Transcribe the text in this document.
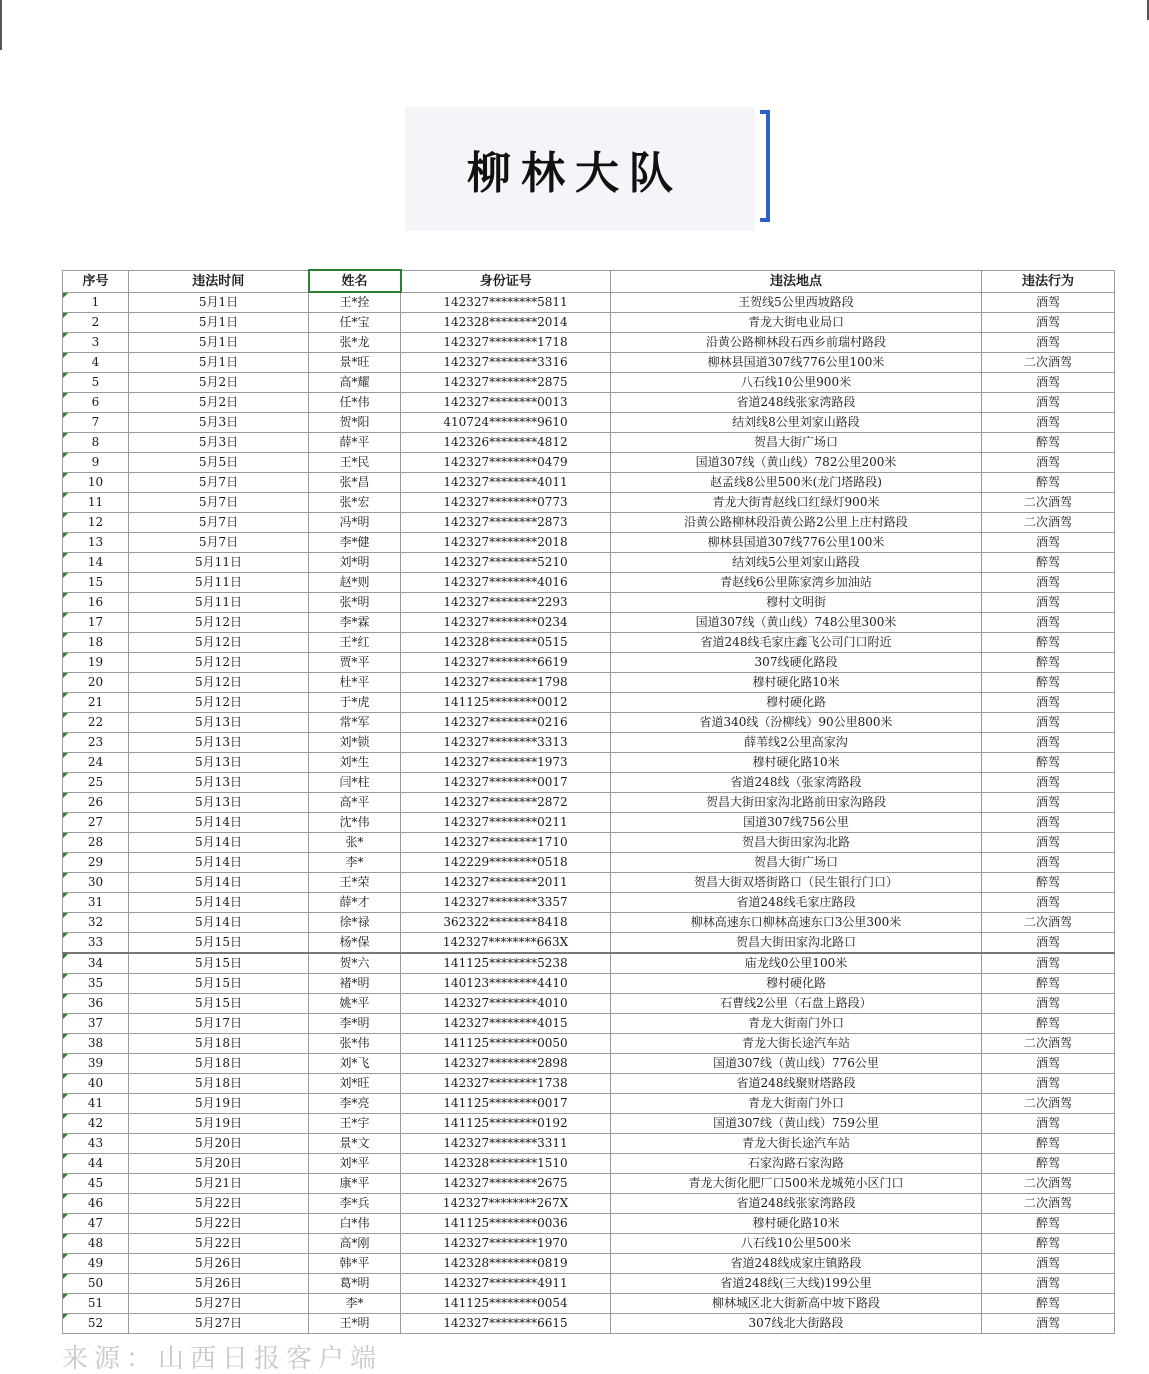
柳林大队
序号	违法时间	姓名	身份证号	违法地点	违法行为
1	5月1日	王*拴	142327********5811	王贺线5公里西坡路段	酒驾
2	5月1日	任*宝	142328********2014	青龙大街电业局口	酒驾
3	5月1日	张*龙	142327********1718	沿黄公路柳林段石西乡前瑞村路段	酒驾
4	5月1日	景*旺	142327********3316	柳林县国道307线776公里100米	二次酒驾
5	5月2日	高*耀	142327********2875	八石线10公里900米	酒驾
6	5月2日	任*伟	142327********0013	省道248线张家湾路段	酒驾
7	5月3日	贺*阳	410724********9610	结刘线8公里刘家山路段	酒驾
8	5月3日	薛*平	142326********4812	贺昌大街广场口	醉驾
9	5月5日	王*民	142327********0479	国道307线（黄山线）782公里200米	酒驾
10	5月7日	张*昌	142327********4011	赵孟线8公里500米(龙门塔路段)	醉驾
11	5月7日	张*宏	142327********0773	青龙大街青赵线口红绿灯900米	二次酒驾
12	5月7日	冯*明	142327********2873	沿黄公路柳林段沿黄公路2公里上庄村路段	二次酒驾
13	5月7日	李*健	142327********2018	柳林县国道307线776公里100米	酒驾
14	5月11日	刘*明	142327********5210	结刘线5公里刘家山路段	醉驾
15	5月11日	赵*则	142327********4016	青赵线6公里陈家湾乡加油站	酒驾
16	5月11日	张*明	142327********2293	穆村文明街	酒驾
17	5月12日	李*霖	142327********0234	国道307线（黄山线）748公里300米	酒驾
18	5月12日	王*红	142328********0515	省道248线毛家庄鑫飞公司门口附近	醉驾
19	5月12日	贾*平	142327********6619	307线硬化路段	醉驾
20	5月12日	杜*平	142327********1798	穆村硬化路10米	醉驾
21	5月12日	于*虎	141125********0012	穆村硬化路	酒驾
22	5月13日	常*军	142327********0216	省道340线（汾柳线）90公里800米	酒驾
23	5月13日	刘*锁	142327********3313	薛苇线2公里高家沟	酒驾
24	5月13日	刘*生	142327********1973	穆村硬化路10米	醉驾
25	5月13日	闫*柱	142327********0017	省道248线（张家湾路段	酒驾
26	5月13日	高*平	142327********2872	贺昌大街田家沟北路前田家沟路段	酒驾
27	5月14日	沈*伟	142327********0211	国道307线756公里	酒驾
28	5月14日	张*	142327********1710	贺昌大街田家沟北路	酒驾
29	5月14日	李*	142229********0518	贺昌大街广场口	酒驾
30	5月14日	王*荣	142327********2011	贺昌大街双塔街路口（民生银行门口）	醉驾
31	5月14日	薛*才	142327********3357	省道248线毛家庄路段	酒驾
32	5月14日	徐*禄	362322********8418	柳林高速东口柳林高速东口3公里300米	二次酒驾
33	5月15日	杨*保	142327********663X	贺昌大街田家沟北路口	酒驾
34	5月15日	贺*六	141125********5238	庙龙线0公里100米	酒驾
35	5月15日	褚*明	140123********4410	穆村硬化路	醉驾
36	5月15日	姚*平	142327********4010	石曹线2公里（石盘上路段）	酒驾
37	5月17日	李*明	142327********4015	青龙大街南门外口	醉驾
38	5月18日	张*伟	141125********0050	青龙大街长途汽车站	二次酒驾
39	5月18日	刘*飞	142327********2898	国道307线（黄山线）776公里	酒驾
40	5月18日	刘*旺	142327********1738	省道248线聚财塔路段	酒驾
41	5月19日	李*亮	141125********0017	青龙大街南门外口	二次酒驾
42	5月19日	王*宇	141125********0192	国道307线（黄山线）759公里	酒驾
43	5月20日	景*文	142327********3311	青龙大街长途汽车站	醉驾
44	5月20日	刘*平	142328********1510	石家沟路石家沟路	醉驾
45	5月21日	康*平	142327********2675	青龙大街化肥厂口500米龙城苑小区门口	二次酒驾
46	5月22日	李*兵	142327********267X	省道248线张家湾路段	二次酒驾
47	5月22日	白*伟	141125********0036	穆村硬化路10米	醉驾
48	5月22日	高*刚	142327********1970	八石线10公里500米	醉驾
49	5月26日	韩*平	142328********0819	省道248线成家庄镇路段	酒驾
50	5月26日	葛*明	142327********4911	省道248线(三大线)199公里	酒驾
51	5月27日	李*	141125********0054	柳林城区北大街新高中坡下路段	醉驾
52	5月27日	王*明	142327********6615	307线北大街路段	酒驾
来源：山西日报客户端
